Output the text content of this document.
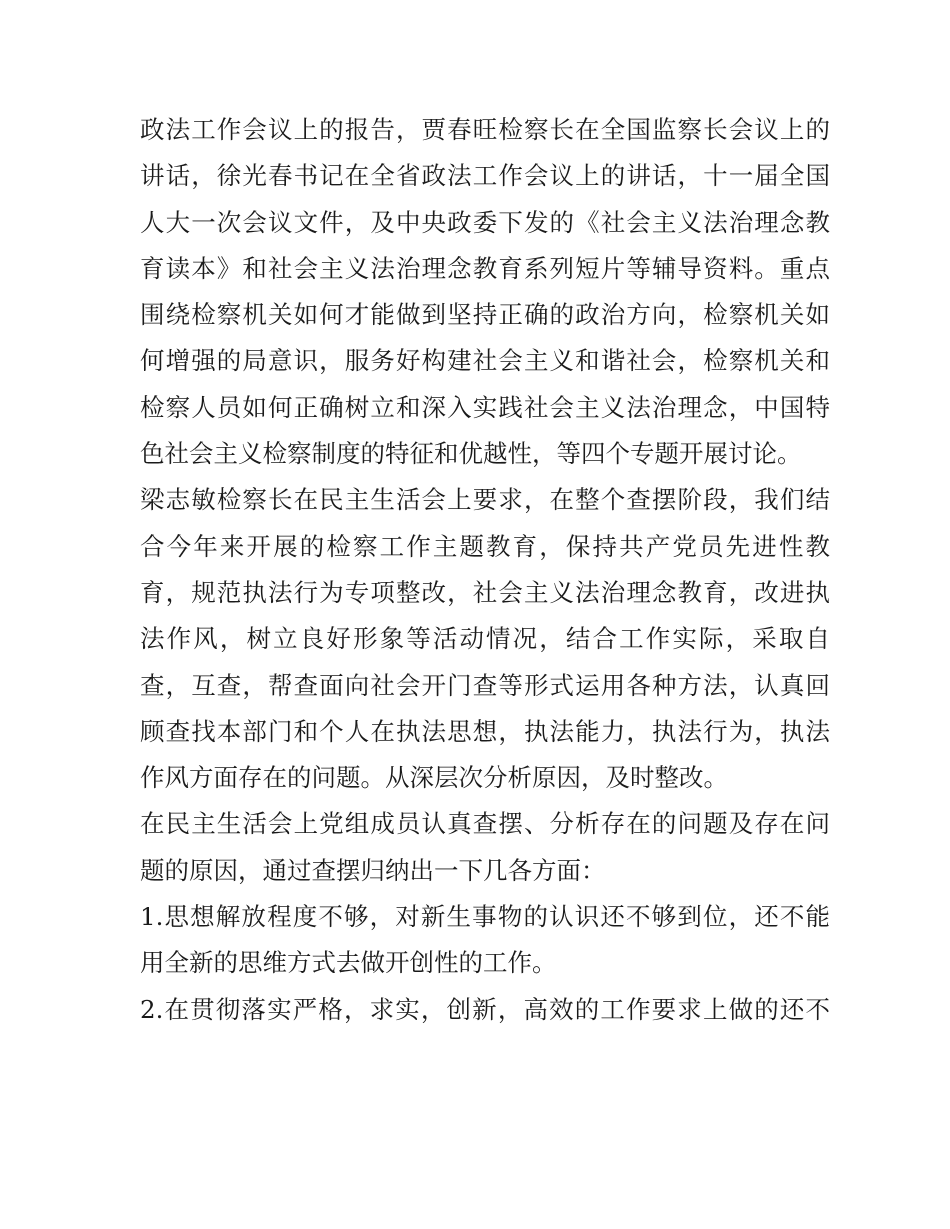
政法工作会议上的报告，贾春旺检察长在全国监察长会议上的
讲话，徐光春书记在全省政法工作会议上的讲话，十一届全国
人大一次会议文件，及中央政委下发的《社会主义法治理念教
育读本》和社会主义法治理念教育系列短片等辅导资料。重点
围绕检察机关如何才能做到坚持正确的政治方向，检察机关如
何增强的局意识，服务好构建社会主义和谐社会，检察机关和
检察人员如何正确树立和深入实践社会主义法治理念，中国特
色社会主义检察制度的特征和优越性，等四个专题开展讨论。
梁志敏检察长在民主生活会上要求，在整个查摆阶段，我们结
合今年来开展的检察工作主题教育，保持共产党员先进性教
育，规范执法行为专项整改，社会主义法治理念教育，改进执
法作风，树立良好形象等活动情况，结合工作实际，采取自
查，互查，帮查面向社会开门查等形式运用各种方法，认真回
顾查找本部门和个人在执法思想，执法能力，执法行为，执法
作风方面存在的问题。从深层次分析原因，及时整改。
在民主生活会上党组成员认真查摆、分析存在的问题及存在问
题的原因，通过查摆归纳出一下几各方面：
1.思想解放程度不够，对新生事物的认识还不够到位，还不能
用全新的思维方式去做开创性的工作。
2.在贯彻落实严格，求实，创新，高效的工作要求上做的还不
